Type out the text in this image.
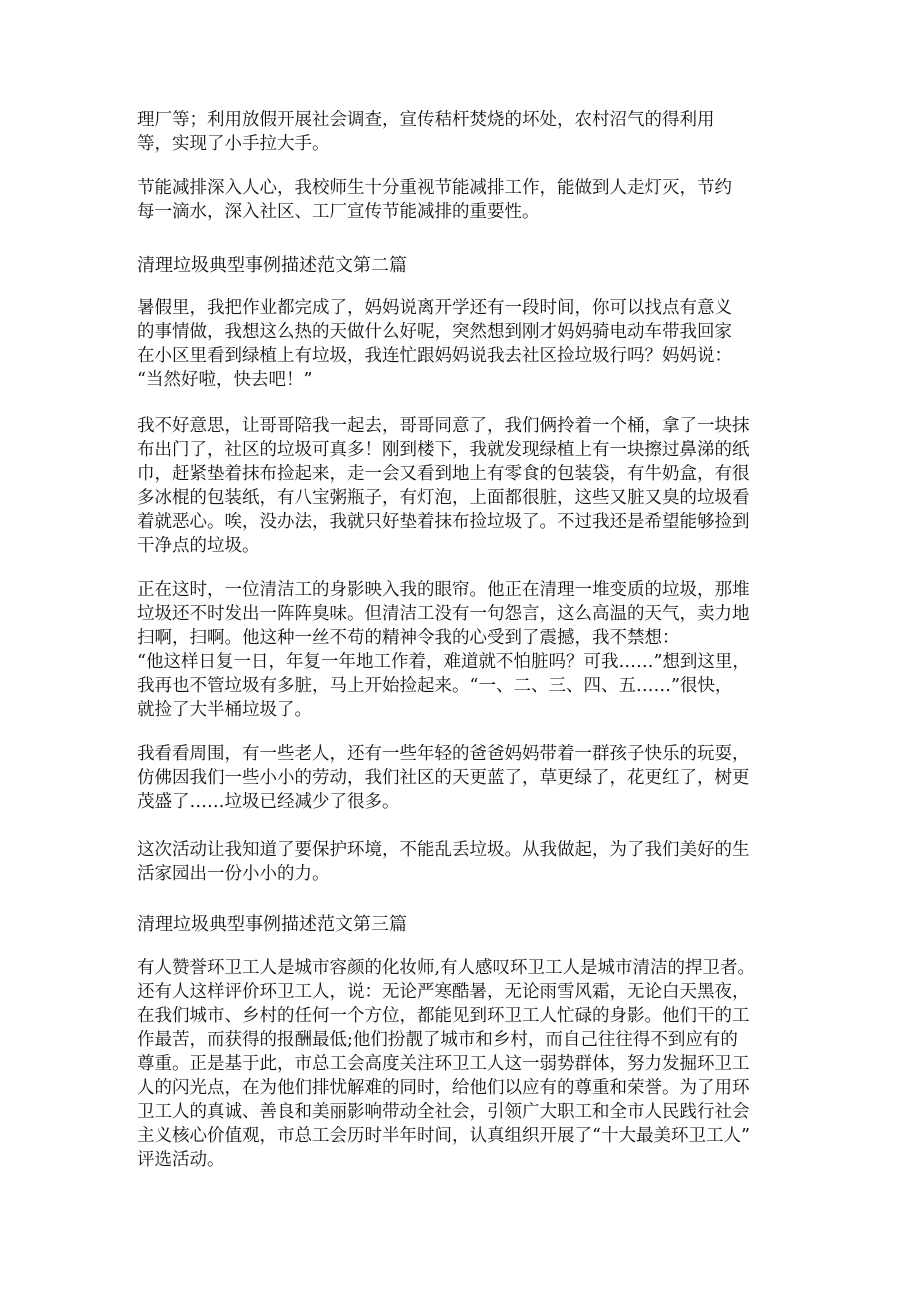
理厂等；利用放假开展社会调查，宣传秸杆焚烧的坏处，农村沼气的得利用
等，实现了小手拉大手。
节能减排深入人心，我校师生十分重视节能减排工作，能做到人走灯灭，节约
每一滴水，深入社区、工厂宣传节能减排的重要性。
清理垃圾典型事例描述范文第二篇
暑假里，我把作业都完成了，妈妈说离开学还有一段时间，你可以找点有意义
的事情做，我想这么热的天做什么好呢，突然想到刚才妈妈骑电动车带我回家
在小区里看到绿植上有垃圾，我连忙跟妈妈说我去社区捡垃圾行吗？妈妈说：
“当然好啦，快去吧！”
我不好意思，让哥哥陪我一起去，哥哥同意了，我们俩拎着一个桶，拿了一块抹
布出门了，社区的垃圾可真多！刚到楼下，我就发现绿植上有一块擦过鼻涕的纸
巾，赶紧垫着抹布捡起来，走一会又看到地上有零食的包装袋，有牛奶盒，有很
多冰棍的包装纸，有八宝粥瓶子，有灯泡，上面都很脏，这些又脏又臭的垃圾看
着就恶心。唉，没办法，我就只好垫着抹布捡垃圾了。不过我还是希望能够捡到
干净点的垃圾。
正在这时，一位清洁工的身影映入我的眼帘。他正在清理一堆变质的垃圾，那堆
垃圾还不时发出一阵阵臭味。但清洁工没有一句怨言，这么高温的天气，卖力地
扫啊，扫啊。他这种一丝不苟的精神令我的心受到了震撼，我不禁想：
“他这样日复一日，年复一年地工作着，难道就不怕脏吗？可我……”想到这里，
我再也不管垃圾有多脏，马上开始捡起来。“一、二、三、四、五……”很快，
就捡了大半桶垃圾了。
我看看周围，有一些老人，还有一些年轻的爸爸妈妈带着一群孩子快乐的玩耍，
仿佛因我们一些小小的劳动，我们社区的天更蓝了，草更绿了，花更红了，树更
茂盛了……垃圾已经减少了很多。
这次活动让我知道了要保护环境，不能乱丢垃圾。从我做起，为了我们美好的生
活家园出一份小小的力。
清理垃圾典型事例描述范文第三篇
有人赞誉环卫工人是城市容颜的化妆师,有人感叹环卫工人是城市清洁的捍卫者。
还有人这样评价环卫工人，说：无论严寒酷暑，无论雨雪风霜，无论白天黑夜，
在我们城市、乡村的任何一个方位，都能见到环卫工人忙碌的身影。他们干的工
作最苦，而获得的报酬最低;他们扮靓了城市和乡村，而自己往往得不到应有的
尊重。正是基于此，市总工会高度关注环卫工人这一弱势群体，努力发掘环卫工
人的闪光点，在为他们排忧解难的同时，给他们以应有的尊重和荣誉。为了用环
卫工人的真诚、善良和美丽影响带动全社会，引领广大职工和全市人民践行社会
主义核心价值观，市总工会历时半年时间，认真组织开展了“十大最美环卫工人”
评选活动。
